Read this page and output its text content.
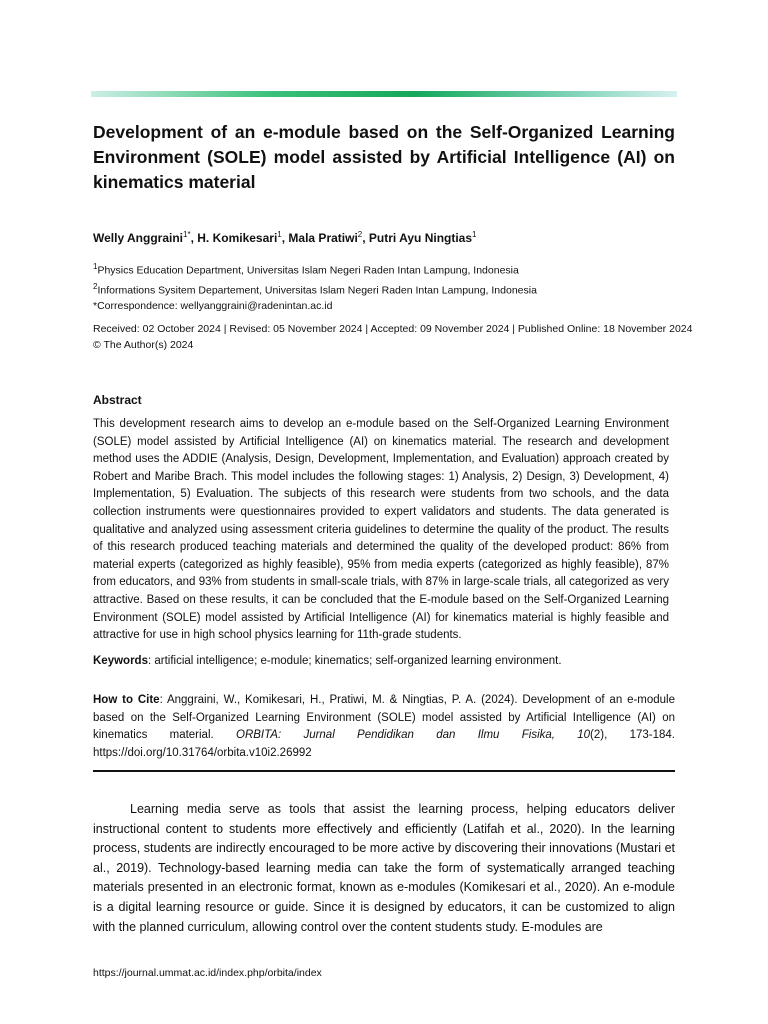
Development of an e-module based on the Self-Organized Learning Environment (SOLE) model assisted by Artificial Intelligence (AI) on kinematics material
Welly Anggraini$^{1*}$, H. Komikesari$^1$, Mala Pratiwi$^2$, Putri Ayu Ningtias$^1$
$^1$Physics Education Department, Universitas Islam Negeri Raden Intan Lampung, Indonesia
$^2$Informations Sysitem Departement, Universitas Islam Negeri Raden Intan Lampung, Indonesia
*Correspondence: wellyanggraini@radenintan.ac.id
Received: 02 October 2024 | Revised: 05 November 2024 | Accepted: 09 November 2024 | Published Online: 18 November 2024
© The Author(s) 2024
Abstract

This development research aims to develop an e-module based on the Self-Organized Learning Environment (SOLE) model assisted by Artificial Intelligence (AI) on kinematics material. The research and development method uses the ADDIE (Analysis, Design, Development, Implementation, and Evaluation) approach created by Robert and Maribe Brach. This model includes the following stages: 1) Analysis, 2) Design, 3) Development, 4) Implementation, 5) Evaluation. The subjects of this research were students from two schools, and the data collection instruments were questionnaires provided to expert validators and students. The data generated is qualitative and analyzed using assessment criteria guidelines to determine the quality of the product. The results of this research produced teaching materials and determined the quality of the developed product: 86% from material experts (categorized as highly feasible), 95% from media experts (categorized as highly feasible), 87% from educators, and 93% from students in small-scale trials, with 87% in large-scale trials, all categorized as very attractive. Based on these results, it can be concluded that the E-module based on the Self-Organized Learning Environment (SOLE) model assisted by Artificial Intelligence (AI) for kinematics material is highly feasible and attractive for use in high school physics learning for 11th-grade students.

Keywords: artificial intelligence; e-module; kinematics; self-organized learning environment.

How to Cite: Anggraini, W., Komikesari, H., Pratiwi, M. & Ningtias, P. A. (2024). Development of an e-module based on the Self-Organized Learning Environment (SOLE) model assisted by Artificial Intelligence (AI) on kinematics material. ORBITA: Jurnal Pendidikan dan Ilmu Fisika, 10(2), 173-184. https://doi.org/10.31764/orbita.v10i2.26992

Learning media serve as tools that assist the learning process, helping educators deliver instructional content to students more effectively and efficiently (Latifah et al., 2020). In the learning process, students are indirectly encouraged to be more active by discovering their innovations (Mustari et al., 2019). Technology-based learning media can take the form of systematically arranged teaching materials presented in an electronic format, known as e-modules (Komikesari et al., 2020). An e-module is a digital learning resource or guide. Since it is designed by educators, it can be customized to align with the planned curriculum, allowing control over the content students study. E-modules are

https://journal.ummat.ac.id/index.php/orbita/index
